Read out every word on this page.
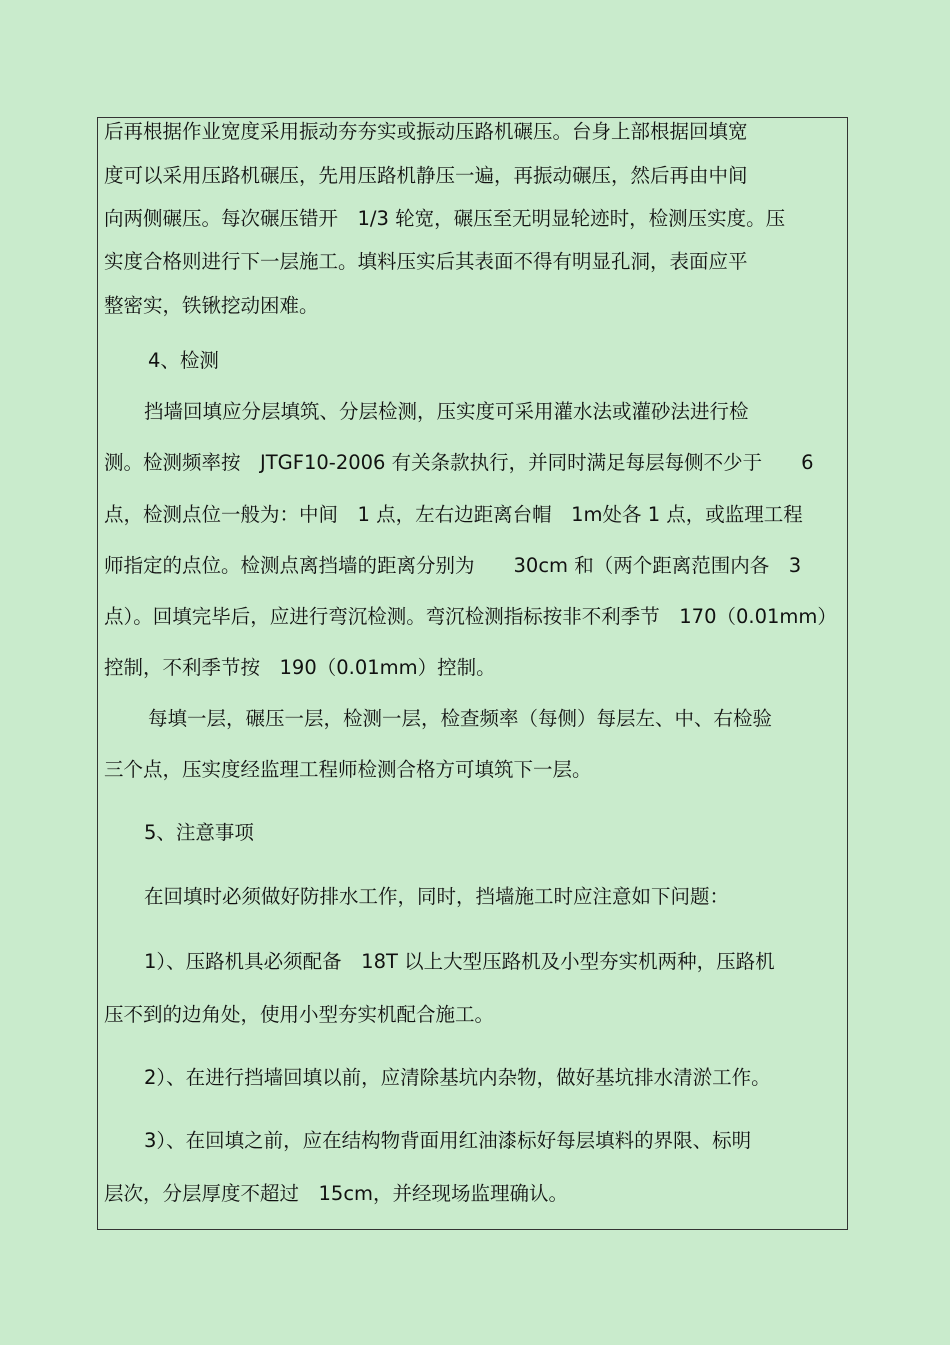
后再根据作业宽度采用振动夯夯实或振动压路机碾压。台身上部根据回填宽
度可以采用压路机碾压，先用压路机静压一遍，再振动碾压，然后再由中间
向两侧碾压。每次碾压错开　1/3 轮宽，碾压至无明显轮迹时，检测压实度。压
实度合格则进行下一层施工。填料压实后其表面不得有明显孔洞，表面应平
整密实，铁锹挖动困难。
4、检测
挡墙回填应分层填筑、分层检测，压实度可采用灌水法或灌砂法进行检
测。检测频率按　JTGF10-2006 有关条款执行，并同时满足每层每侧不少于　　6
点，检测点位一般为：中间　1 点，左右边距离台帽　1m处各 1 点，或监理工程
师指定的点位。检测点离挡墙的距离分别为　　30cm 和（两个距离范围内各　3
点）。回填完毕后，应进行弯沉检测。弯沉检测指标按非不利季节　170（0.01mm）
控制，不利季节按　190（0.01mm）控制。
每填一层，碾压一层，检测一层，检查频率（每侧）每层左、中、右检验
三个点，压实度经监理工程师检测合格方可填筑下一层。
5、注意事项
在回填时必须做好防排水工作，同时，挡墙施工时应注意如下问题：
1）、压路机具必须配备　18T 以上大型压路机及小型夯实机两种，压路机
压不到的边角处，使用小型夯实机配合施工。
2）、在进行挡墙回填以前，应清除基坑内杂物，做好基坑排水清淤工作。
3）、在回填之前，应在结构物背面用红油漆标好每层填料的界限、标明
层次，分层厚度不超过　15cm，并经现场监理确认。
